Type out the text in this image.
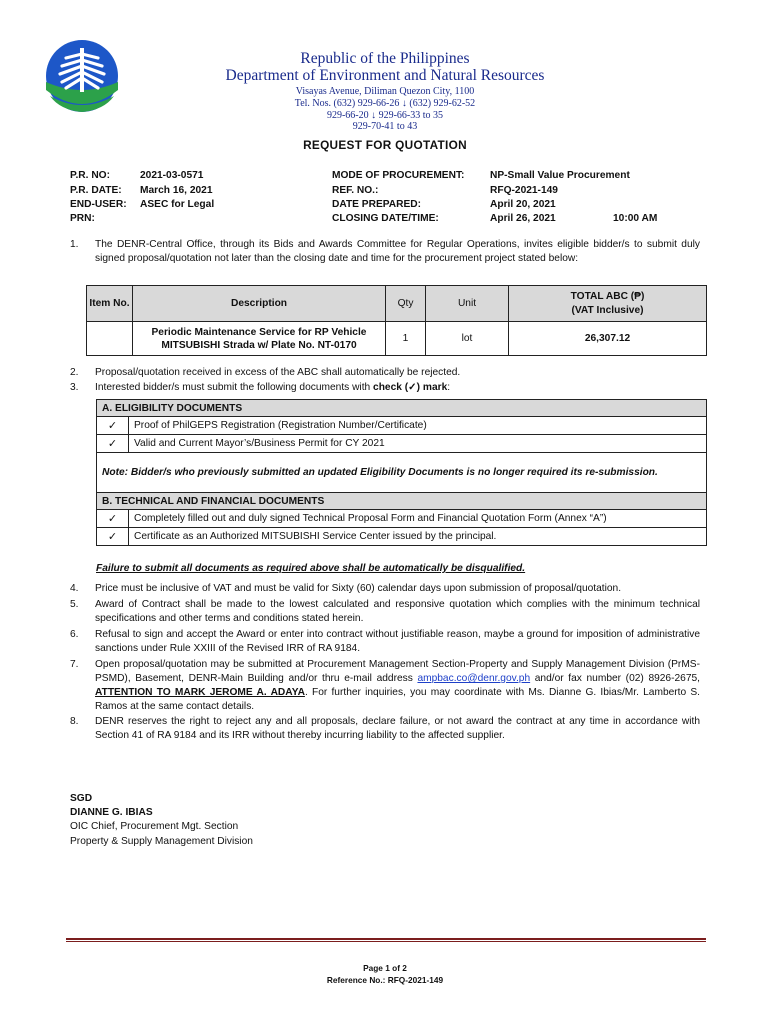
Republic of the Philippines
Department of Environment and Natural Resources
Visayas Avenue, Diliman Quezon City, 1100
Tel. Nos. (632) 929-66-26 ↓ (632) 929-62-52
929-66-20 ↓ 929-66-33 to 35
929-70-41 to 43
REQUEST FOR QUOTATION
P.R. NO:	2021-03-0571
P.R. DATE: March 16, 2021
END-USER: ASEC for Legal
PRN:
MODE OF PROCUREMENT:	NP-Small Value Procurement
REF. NO.:	RFQ-2021-149
DATE PREPARED:	April 20, 2021
CLOSING DATE/TIME:	April 26, 2021	10:00 AM
1. The DENR-Central Office, through its Bids and Awards Committee for Regular Operations, invites eligible bidder/s to submit duly signed proposal/quotation not later than the closing date and time for the procurement project stated below:
Item No.	Description	Qty	Unit	TOTAL ABC (₱)
(VAT Inclusive)

	Periodic Maintenance Service for RP Vehicle
MITSUBISHI Strada w/ Plate No. NT-0170	1	lot	26,307.12
2. Proposal/quotation received in excess of the ABC shall automatically be rejected.
3. Interested bidder/s must submit the following documents with check (✓) mark:
A. ELIGIBILITY DOCUMENTS	
✓	Proof of PhilGEPS Registration (Registration Number/Certificate)
✓	Valid and Current Mayor’s/Business Permit for CY 2021
Note: Bidder/s who previously submitted an updated Eligibility Documents is no longer required its re-submission.	
B. TECHNICAL AND FINANCIAL DOCUMENTS	
✓	Completely filled out and duly signed Technical Proposal Form and Financial Quotation Form (Annex “A”)
✓	Certificate as an Authorized MITSUBISHI Service Center issued by the principal.
Failure to submit all documents as required above shall be automatically be disqualified.
4. Price must be inclusive of VAT and must be valid for Sixty (60) calendar days upon submission of proposal/quotation.
5. Award of Contract shall be made to the lowest calculated and responsive quotation which complies with the minimum technical specifications and other terms and conditions stated herein.
6. Refusal to sign and accept the Award or enter into contract without justifiable reason, maybe a ground for imposition of administrative sanctions under Rule XXIII of the Revised IRR of RA 9184.
7. Open proposal/quotation may be submitted at Procurement Management Section-Property and Supply Management Division (PrMS-PSMD), Basement, DENR-Main Building and/or thru e-mail address ampbac.co@denr.gov.ph and/or fax number (02) 8926-2675, ATTENTION TO MARK JEROME A. ADAYA. For further inquiries, you may coordinate with Ms. Dianne G. Ibias/Mr. Lamberto S. Ramos at the same contact details.
8. DENR reserves the right to reject any and all proposals, declare failure, or not award the contract at any time in accordance with Section 41 of RA 9184 and its IRR without thereby incurring liability to the affected supplier.
SGD
DIANNE G. IBIAS
OIC Chief, Procurement Mgt. Section
Property & Supply Management Division
Page 1 of 2
Reference No.: RFQ-2021-149
